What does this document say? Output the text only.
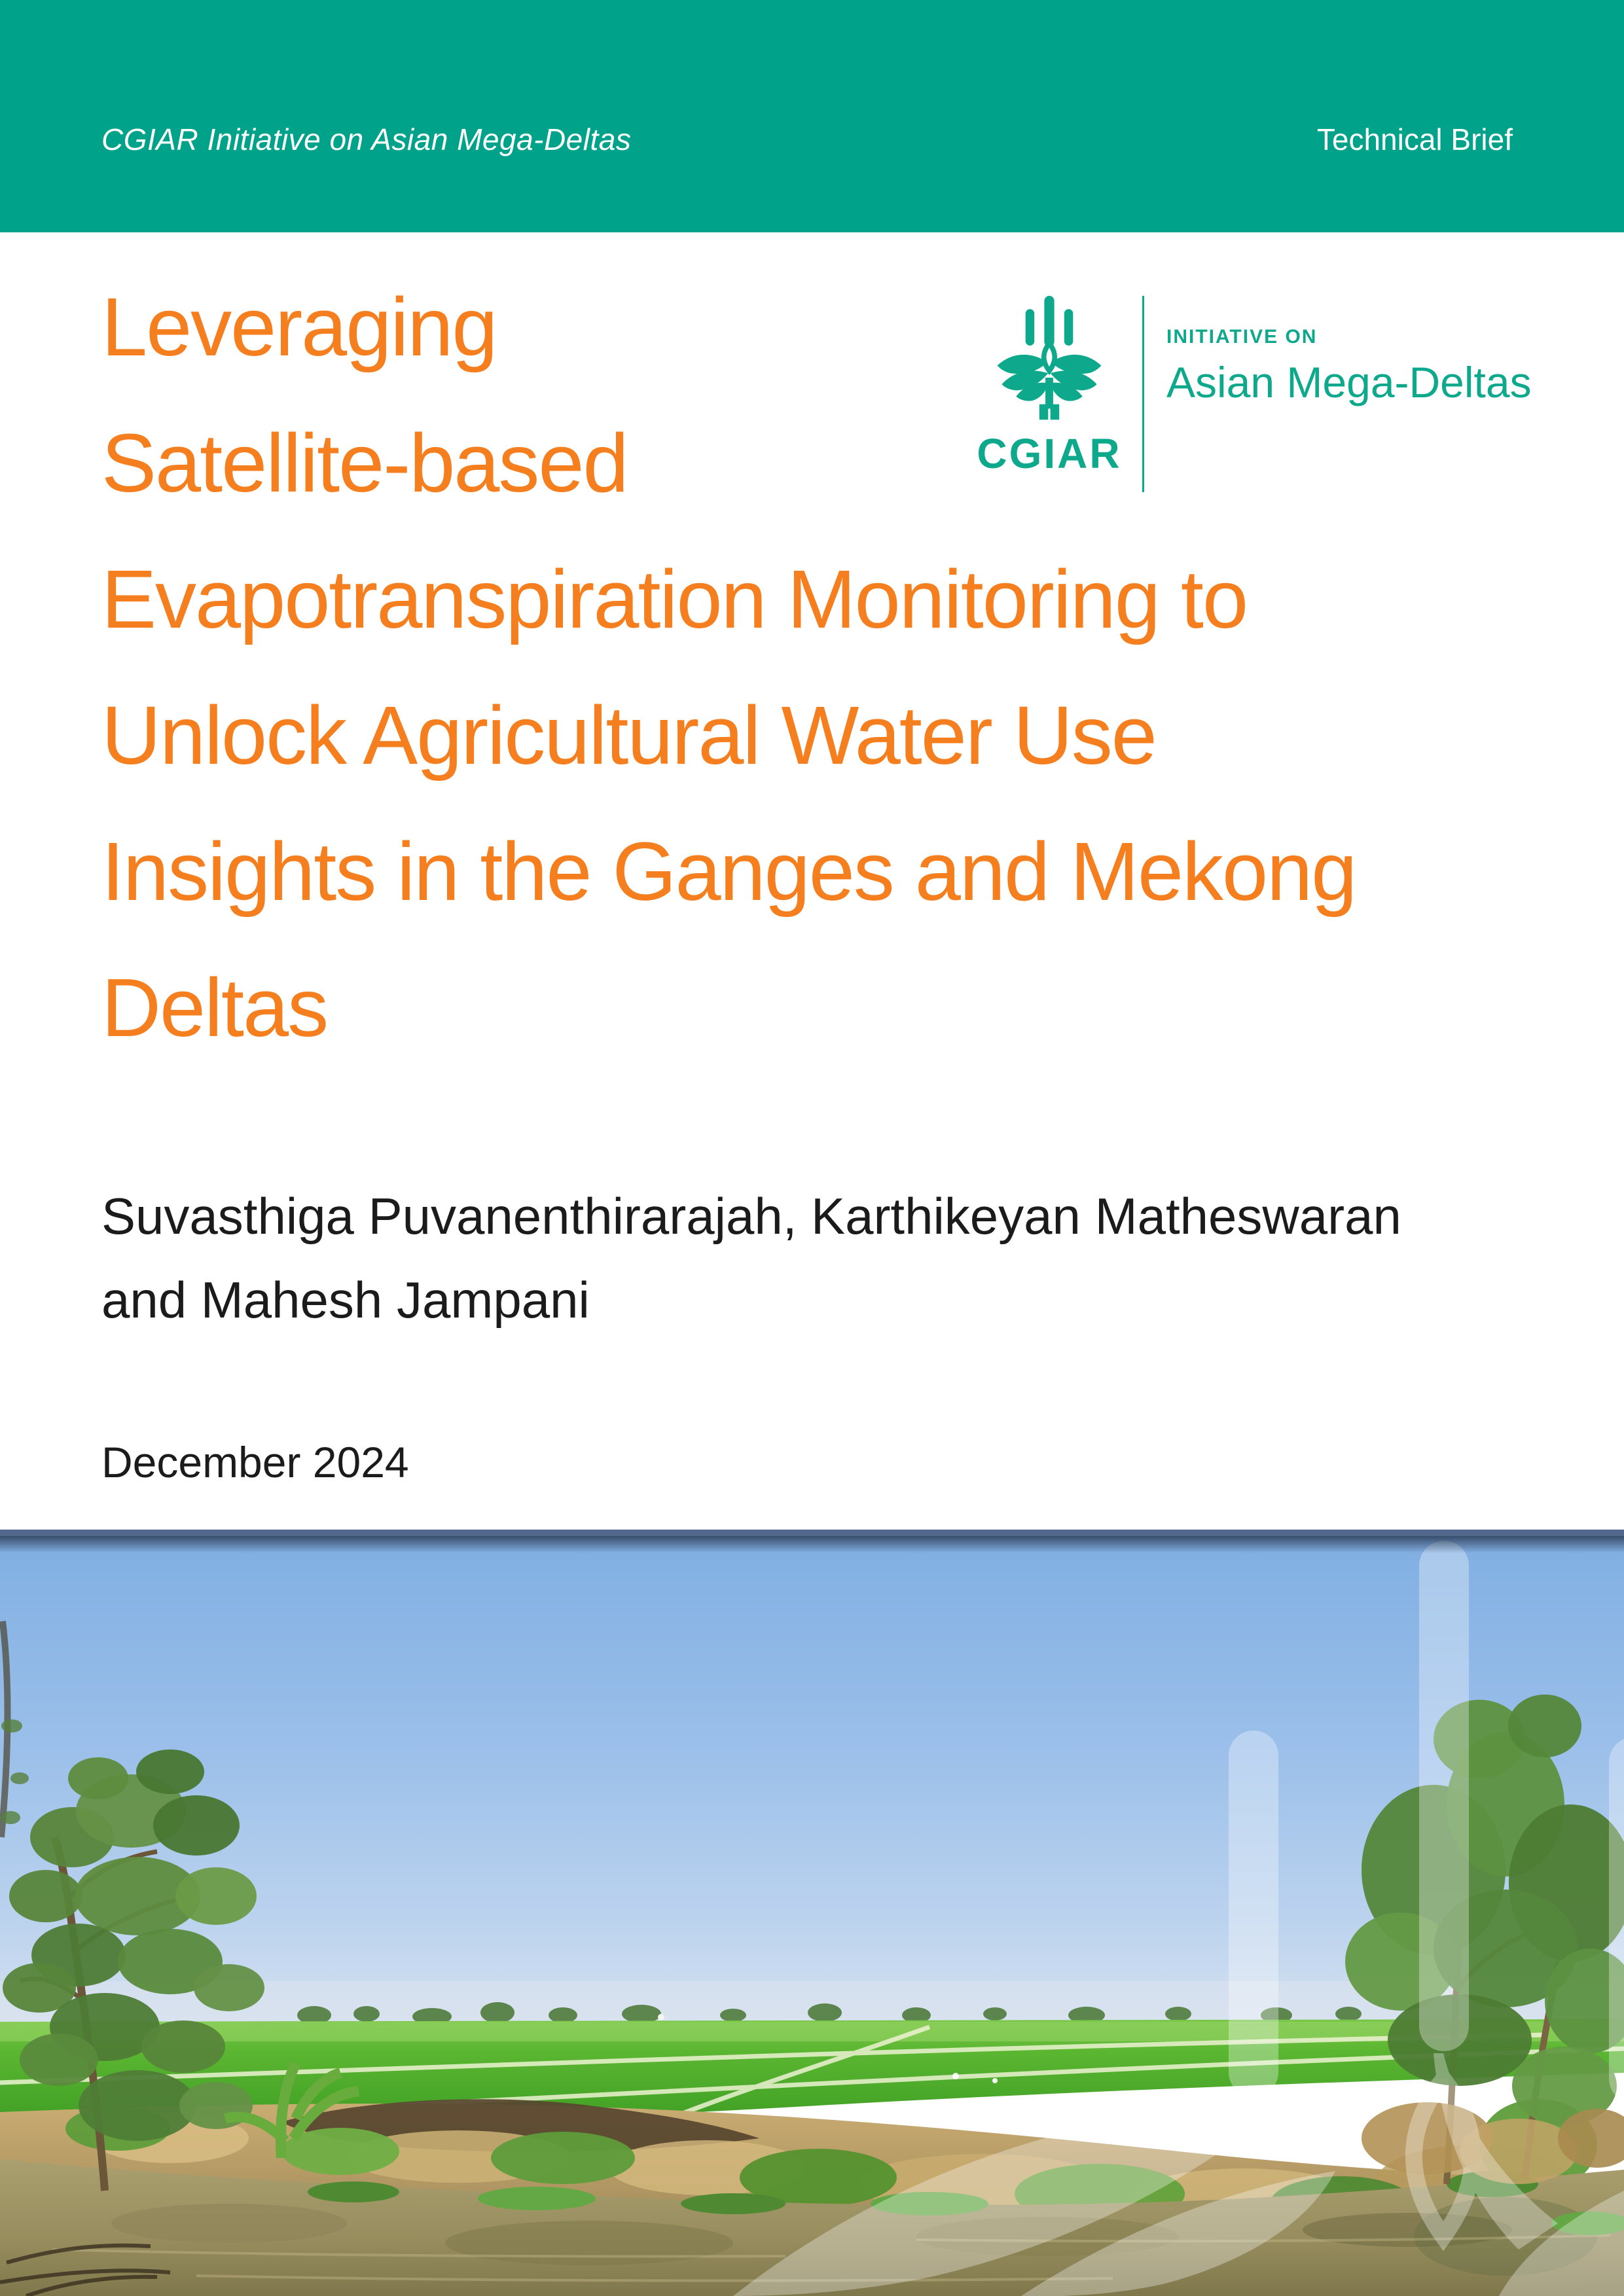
CGIAR Initiative on Asian Mega-Deltas	Technical Brief
CGIAR
INITIATIVE ON
Asian Mega-Deltas
Leveraging
Satellite-based
Evapotranspiration Monitoring to
Unlock Agricultural Water Use
Insights in the Ganges and Mekong
Deltas
Suvasthiga Puvanenthirarajah, Karthikeyan Matheswaran
and Mahesh Jampani
December 2024
